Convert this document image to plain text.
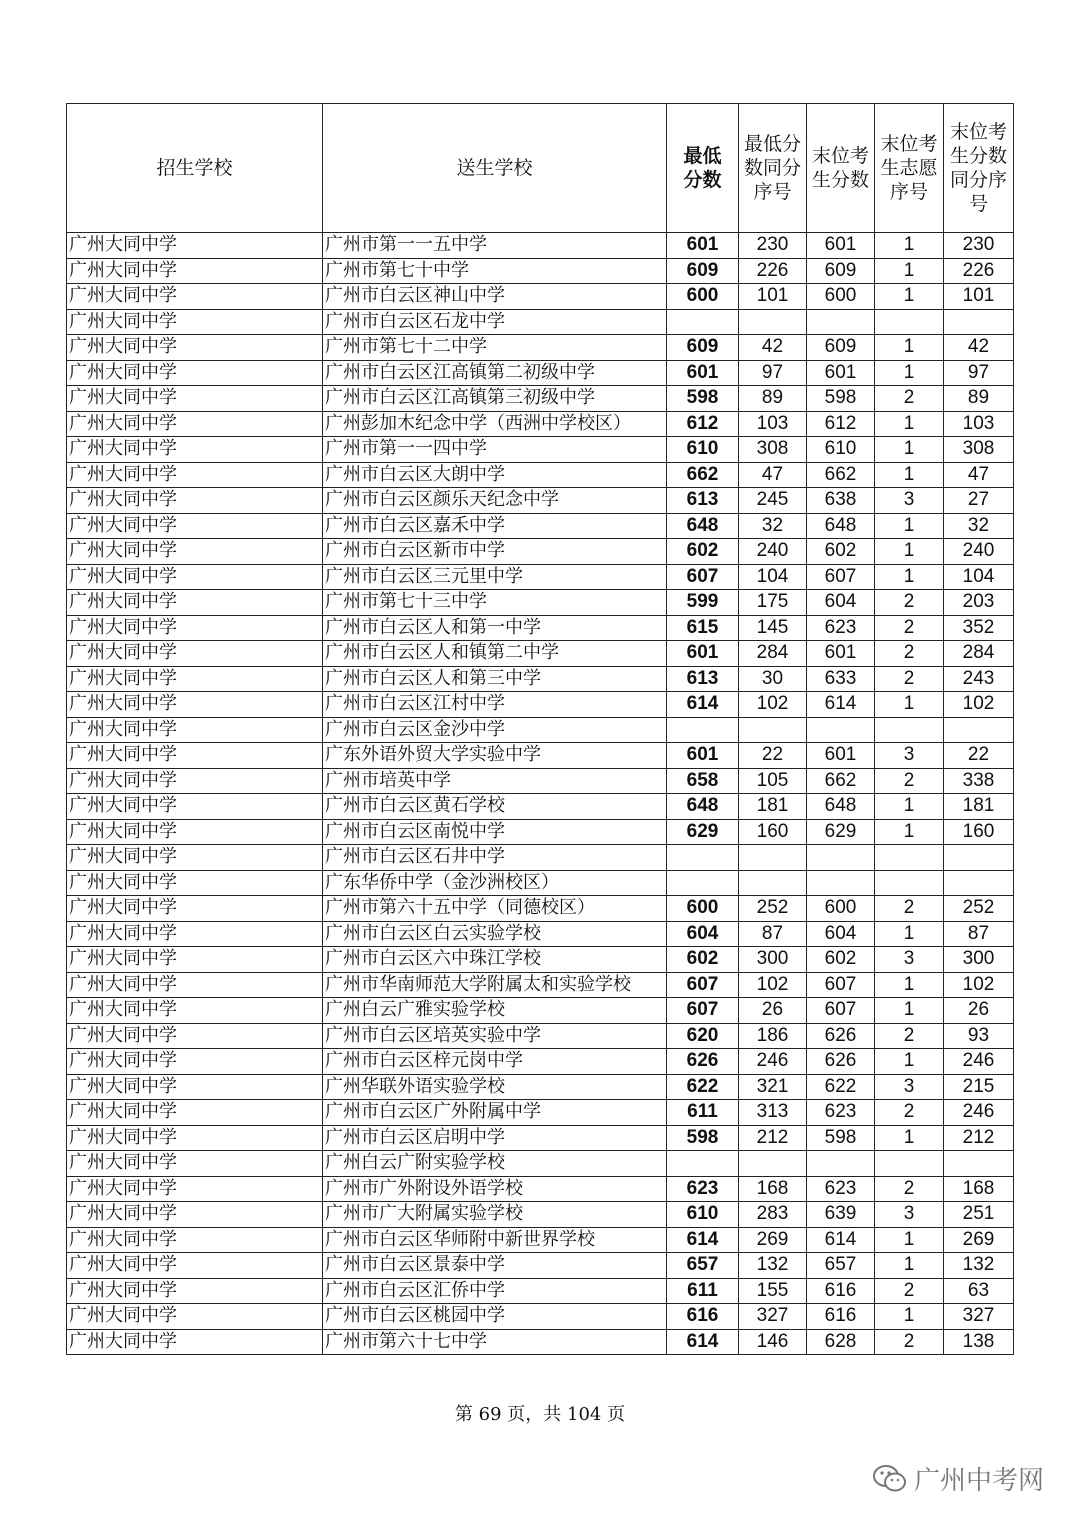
招生学校	送生学校	最低分数	最低分数同分序号	末位考生分数	末位考生志愿序号	末位考生分数同分序号
广州大同中学	广州市第一一五中学	601	230	601	1	230
广州大同中学	广州市第七十中学	609	226	609	1	226
广州大同中学	广州市白云区神山中学	600	101	600	1	101
广州大同中学	广州市白云区石龙中学					
广州大同中学	广州市第七十二中学	609	42	609	1	42
广州大同中学	广州市白云区江高镇第二初级中学	601	97	601	1	97
广州大同中学	广州市白云区江高镇第三初级中学	598	89	598	2	89
广州大同中学	广州彭加木纪念中学（西洲中学校区）	612	103	612	1	103
广州大同中学	广州市第一一四中学	610	308	610	1	308
广州大同中学	广州市白云区大朗中学	662	47	662	1	47
广州大同中学	广州市白云区颜乐天纪念中学	613	245	638	3	27
广州大同中学	广州市白云区嘉禾中学	648	32	648	1	32
广州大同中学	广州市白云区新市中学	602	240	602	1	240
广州大同中学	广州市白云区三元里中学	607	104	607	1	104
广州大同中学	广州市第七十三中学	599	175	604	2	203
广州大同中学	广州市白云区人和第一中学	615	145	623	2	352
广州大同中学	广州市白云区人和镇第二中学	601	284	601	2	284
广州大同中学	广州市白云区人和第三中学	613	30	633	2	243
广州大同中学	广州市白云区江村中学	614	102	614	1	102
广州大同中学	广州市白云区金沙中学					
广州大同中学	广东外语外贸大学实验中学	601	22	601	3	22
广州大同中学	广州市培英中学	658	105	662	2	338
广州大同中学	广州市白云区黄石学校	648	181	648	1	181
广州大同中学	广州市白云区南悦中学	629	160	629	1	160
广州大同中学	广州市白云区石井中学					
广州大同中学	广东华侨中学（金沙洲校区）					
广州大同中学	广州市第六十五中学（同德校区）	600	252	600	2	252
广州大同中学	广州市白云区白云实验学校	604	87	604	1	87
广州大同中学	广州市白云区六中珠江学校	602	300	602	3	300
广州大同中学	广州市华南师范大学附属太和实验学校	607	102	607	1	102
广州大同中学	广州白云广雅实验学校	607	26	607	1	26
广州大同中学	广州市白云区培英实验中学	620	186	626	2	93
广州大同中学	广州市白云区梓元岗中学	626	246	626	1	246
广州大同中学	广州华联外语实验学校	622	321	622	3	215
广州大同中学	广州市白云区广外附属中学	611	313	623	2	246
广州大同中学	广州市白云区启明中学	598	212	598	1	212
广州大同中学	广州白云广附实验学校					
广州大同中学	广州市广外附设外语学校	623	168	623	2	168
广州大同中学	广州市广大附属实验学校	610	283	639	3	251
广州大同中学	广州市白云区华师附中新世界学校	614	269	614	1	269
广州大同中学	广州市白云区景泰中学	657	132	657	1	132
广州大同中学	广州市白云区汇侨中学	611	155	616	2	63
广州大同中学	广州市白云区桃园中学	616	327	616	1	327
广州大同中学	广州市第六十七中学	614	146	628	2	138
第 69 页，共 104 页
广州中考网
